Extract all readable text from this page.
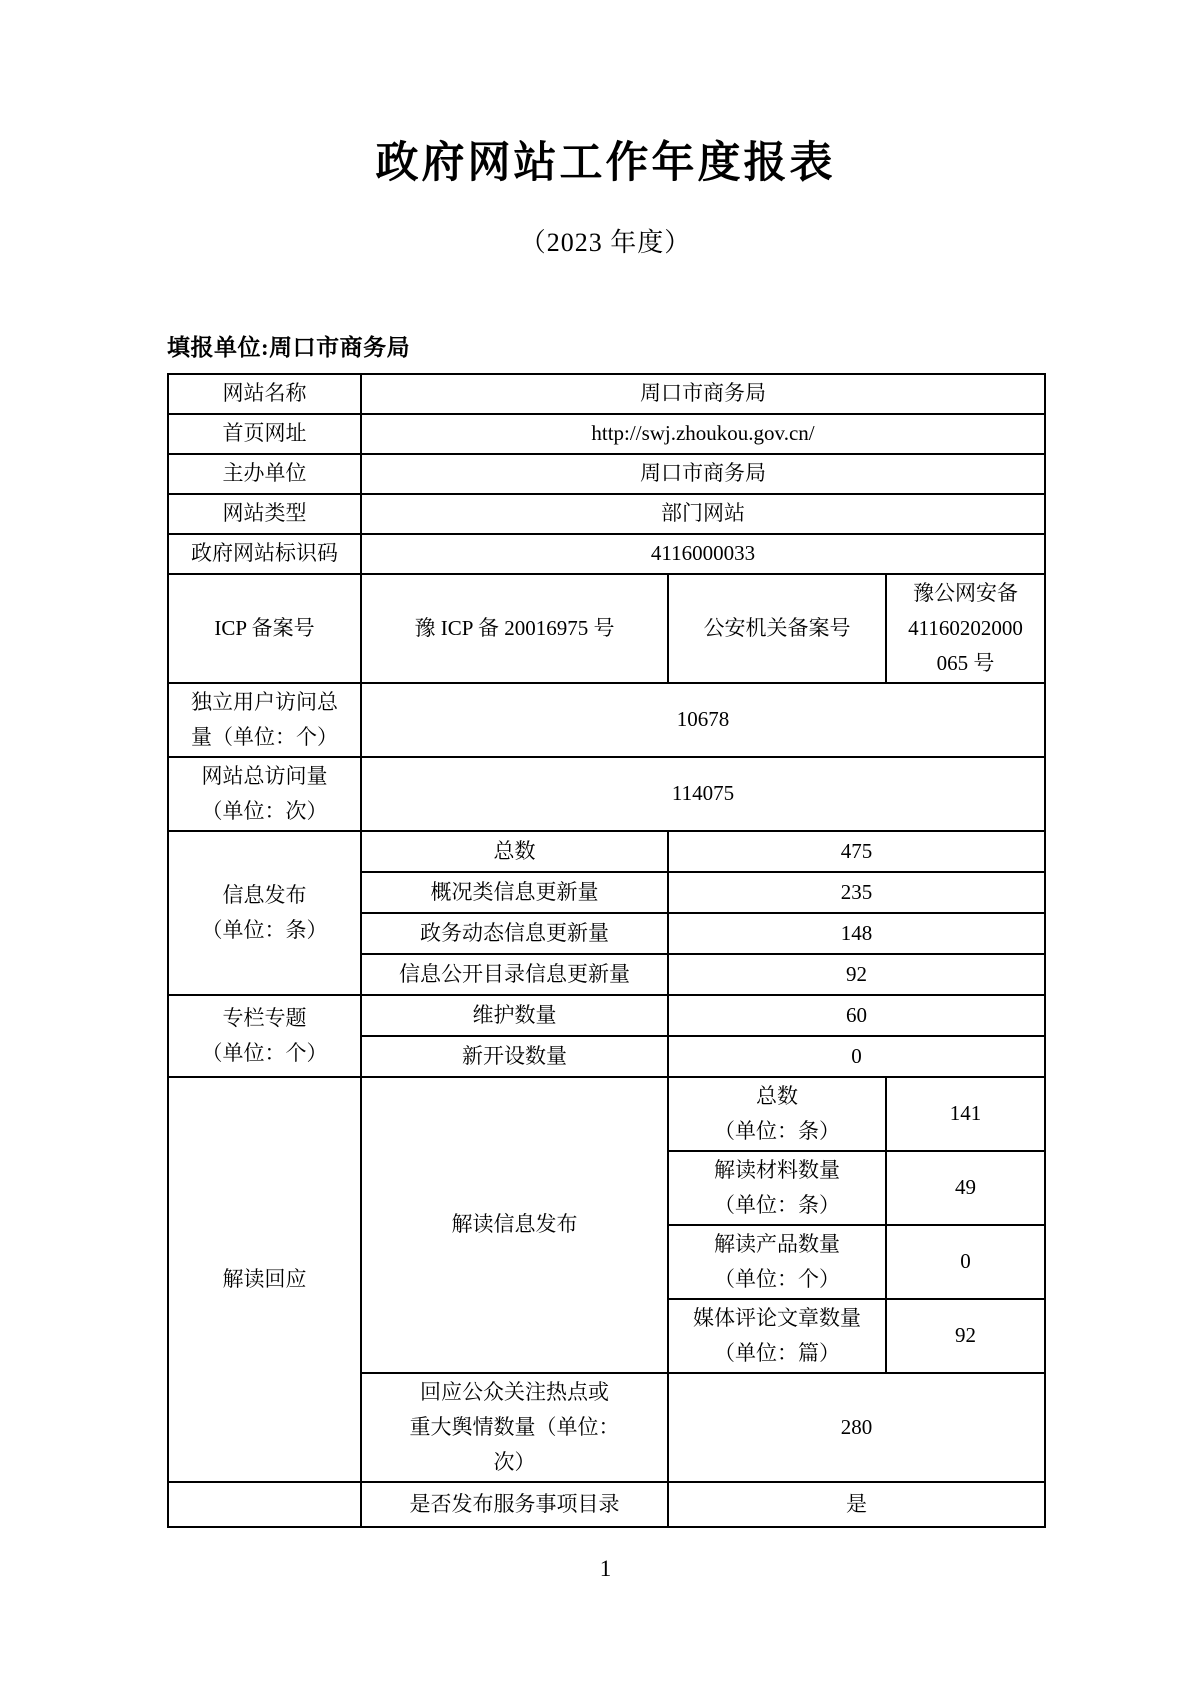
政府网站工作年度报表
（2023 年度）
填报单位:周口市商务局
网站名称	周口市商务局		
首页网址	http://swj.zhoukou.gov.cn/		
主办单位	周口市商务局		
网站类型	部门网站		
政府网站标识码	4116000033		
ICP 备案号	豫 ICP 备 20016975 号	公安机关备案号	豫公网安备
41160202000
065 号
独立用户访问总
量（单位：个）	10678		
网站总访问量
（单位：次）	114075		
信息发布
（单位：条）	总数	475	
	概况类信息更新量	235	
	政务动态信息更新量	148	
	信息公开目录信息更新量	92	
专栏专题
（单位：个）	维护数量	60	
	新开设数量	0	
解读回应	解读信息发布	总数
（单位：条）	141
		解读材料数量
（单位：条）	49
		解读产品数量
（单位：个）	0
		媒体评论文章数量
（单位：篇）	92
	回应公众关注热点或
重大舆情数量（单位：
次）	280	
	是否发布服务事项目录	是	
1
